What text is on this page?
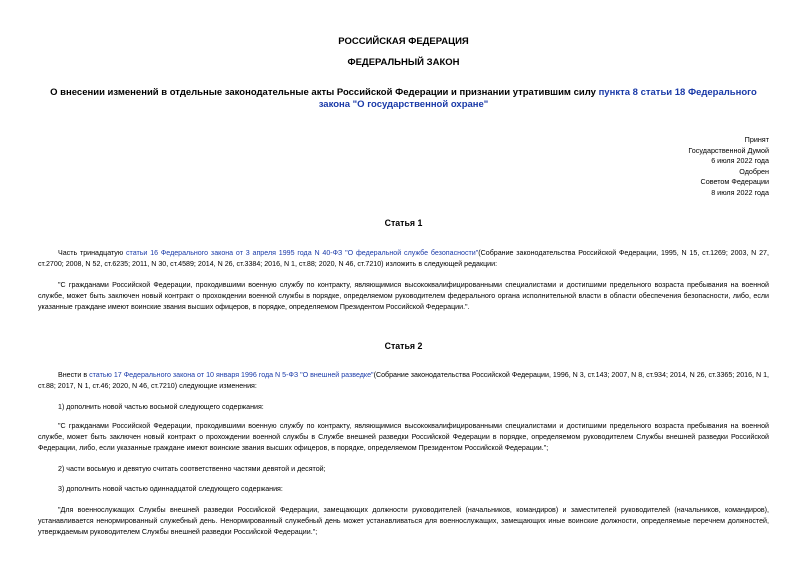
РОССИЙСКАЯ ФЕДЕРАЦИЯ
ФЕДЕРАЛЬНЫЙ ЗАКОН
О внесении изменений в отдельные законодательные акты Российской Федерации и признании утратившим силу пункта 8 статьи 18 Федерального закона "О государственной охране"
Принят
Государственной Думой
6 июля 2022 года
Одобрен
Советом Федерации
8 июля 2022 года
Статья 1
Часть тринадцатую статьи 16 Федерального закона от 3 апреля 1995 года N 40-ФЗ "О федеральной службе безопасности"(Собрание законодательства Российской Федерации, 1995, N 15, ст.1269; 2003, N 27, ст.2700; 2008, N 52, ст.6235; 2011, N 30, ст.4589; 2014, N 26, ст.3384; 2016, N 1, ст.88; 2020, N 46, ст.7210) изложить в следующей редакции:
"С гражданами Российской Федерации, проходившими военную службу по контракту, являющимися высококвалифицированными специалистами и достигшими предельного возраста пребывания на военной службе, может быть заключен новый контракт о прохождении военной службы в порядке, определяемом руководителем федерального органа исполнительной власти в области обеспечения безопасности, либо, если указанные граждане имеют воинские звания высших офицеров, в порядке, определяемом Президентом Российской Федерации.".
Статья 2
Внести в статью 17 Федерального закона от 10 января 1996 года N 5-ФЗ "О внешней разведке"(Собрание законодательства Российской Федерации, 1996, N 3, ст.143; 2007, N 8, ст.934; 2014, N 26, ст.3365; 2016, N 1, ст.88; 2017, N 1, ст.46; 2020, N 46, ст.7210) следующие изменения:
1) дополнить новой частью восьмой следующего содержания:
"С гражданами Российской Федерации, проходившими военную службу по контракту, являющимися высококвалифицированными специалистами и достигшими предельного возраста пребывания на военной службе, может быть заключен новый контракт о прохождении военной службы в Службе внешней разведки Российской Федерации в порядке, определяемом руководителем Службы внешней разведки Российской Федерации, либо, если указанные граждане имеют воинские звания высших офицеров, в порядке, определяемом Президентом Российской Федерации.";
2) части восьмую и девятую считать соответственно частями девятой и десятой;
3) дополнить новой частью одиннадцатой следующего содержания:
"Для военнослужащих Службы внешней разведки Российской Федерации, замещающих должности руководителей (начальников, командиров) и заместителей руководителей (начальников, командиров), устанавливается ненормированный служебный день. Ненормированный служебный день может устанавливаться для военнослужащих, замещающих иные воинские должности, определяемые перечнем должностей, утверждаемым руководителем Службы внешней разведки Российской Федерации.";
